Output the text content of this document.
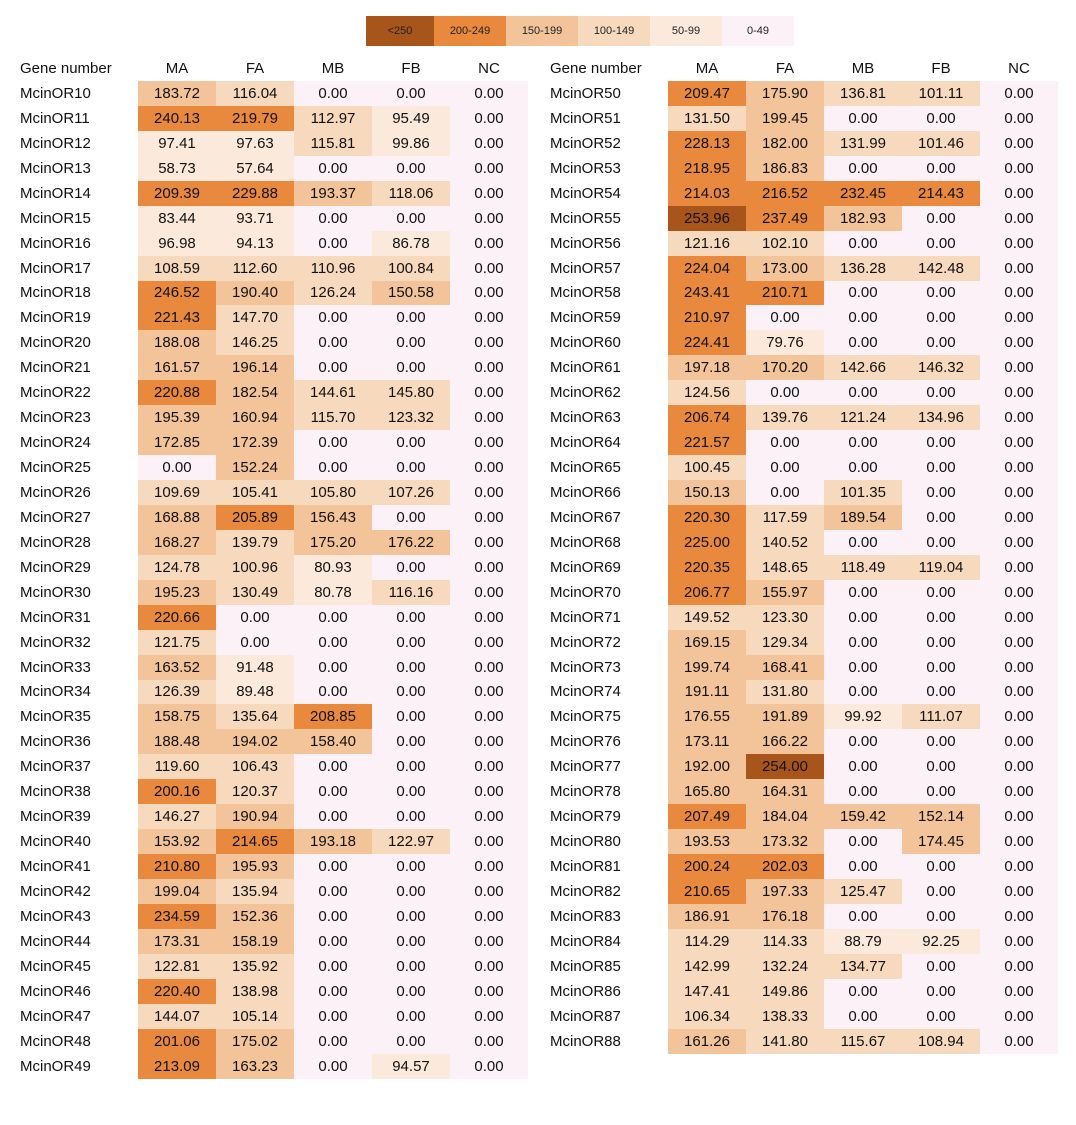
<250	200-249	150-199	100-149	50-99	0-49
Gene number	MA	FA	MB	FB	NC
McinOR10	183.72	116.04	0.00	0.00	0.00
McinOR11	240.13	219.79	112.97	95.49	0.00
McinOR12	97.41	97.63	115.81	99.86	0.00
McinOR13	58.73	57.64	0.00	0.00	0.00
McinOR14	209.39	229.88	193.37	118.06	0.00
McinOR15	83.44	93.71	0.00	0.00	0.00
McinOR16	96.98	94.13	0.00	86.78	0.00
McinOR17	108.59	112.60	110.96	100.84	0.00
McinOR18	246.52	190.40	126.24	150.58	0.00
McinOR19	221.43	147.70	0.00	0.00	0.00
McinOR20	188.08	146.25	0.00	0.00	0.00
McinOR21	161.57	196.14	0.00	0.00	0.00
McinOR22	220.88	182.54	144.61	145.80	0.00
McinOR23	195.39	160.94	115.70	123.32	0.00
McinOR24	172.85	172.39	0.00	0.00	0.00
McinOR25	0.00	152.24	0.00	0.00	0.00
McinOR26	109.69	105.41	105.80	107.26	0.00
McinOR27	168.88	205.89	156.43	0.00	0.00
McinOR28	168.27	139.79	175.20	176.22	0.00
McinOR29	124.78	100.96	80.93	0.00	0.00
McinOR30	195.23	130.49	80.78	116.16	0.00
McinOR31	220.66	0.00	0.00	0.00	0.00
McinOR32	121.75	0.00	0.00	0.00	0.00
McinOR33	163.52	91.48	0.00	0.00	0.00
McinOR34	126.39	89.48	0.00	0.00	0.00
McinOR35	158.75	135.64	208.85	0.00	0.00
McinOR36	188.48	194.02	158.40	0.00	0.00
McinOR37	119.60	106.43	0.00	0.00	0.00
McinOR38	200.16	120.37	0.00	0.00	0.00
McinOR39	146.27	190.94	0.00	0.00	0.00
McinOR40	153.92	214.65	193.18	122.97	0.00
McinOR41	210.80	195.93	0.00	0.00	0.00
McinOR42	199.04	135.94	0.00	0.00	0.00
McinOR43	234.59	152.36	0.00	0.00	0.00
McinOR44	173.31	158.19	0.00	0.00	0.00
McinOR45	122.81	135.92	0.00	0.00	0.00
McinOR46	220.40	138.98	0.00	0.00	0.00
McinOR47	144.07	105.14	0.00	0.00	0.00
McinOR48	201.06	175.02	0.00	0.00	0.00
McinOR49	213.09	163.23	0.00	94.57	0.00
Gene number	MA	FA	MB	FB	NC
McinOR50	209.47	175.90	136.81	101.11	0.00
McinOR51	131.50	199.45	0.00	0.00	0.00
McinOR52	228.13	182.00	131.99	101.46	0.00
McinOR53	218.95	186.83	0.00	0.00	0.00
McinOR54	214.03	216.52	232.45	214.43	0.00
McinOR55	253.96	237.49	182.93	0.00	0.00
McinOR56	121.16	102.10	0.00	0.00	0.00
McinOR57	224.04	173.00	136.28	142.48	0.00
McinOR58	243.41	210.71	0.00	0.00	0.00
McinOR59	210.97	0.00	0.00	0.00	0.00
McinOR60	224.41	79.76	0.00	0.00	0.00
McinOR61	197.18	170.20	142.66	146.32	0.00
McinOR62	124.56	0.00	0.00	0.00	0.00
McinOR63	206.74	139.76	121.24	134.96	0.00
McinOR64	221.57	0.00	0.00	0.00	0.00
McinOR65	100.45	0.00	0.00	0.00	0.00
McinOR66	150.13	0.00	101.35	0.00	0.00
McinOR67	220.30	117.59	189.54	0.00	0.00
McinOR68	225.00	140.52	0.00	0.00	0.00
McinOR69	220.35	148.65	118.49	119.04	0.00
McinOR70	206.77	155.97	0.00	0.00	0.00
McinOR71	149.52	123.30	0.00	0.00	0.00
McinOR72	169.15	129.34	0.00	0.00	0.00
McinOR73	199.74	168.41	0.00	0.00	0.00
McinOR74	191.11	131.80	0.00	0.00	0.00
McinOR75	176.55	191.89	99.92	111.07	0.00
McinOR76	173.11	166.22	0.00	0.00	0.00
McinOR77	192.00	254.00	0.00	0.00	0.00
McinOR78	165.80	164.31	0.00	0.00	0.00
McinOR79	207.49	184.04	159.42	152.14	0.00
McinOR80	193.53	173.32	0.00	174.45	0.00
McinOR81	200.24	202.03	0.00	0.00	0.00
McinOR82	210.65	197.33	125.47	0.00	0.00
McinOR83	186.91	176.18	0.00	0.00	0.00
McinOR84	114.29	114.33	88.79	92.25	0.00
McinOR85	142.99	132.24	134.77	0.00	0.00
McinOR86	147.41	149.86	0.00	0.00	0.00
McinOR87	106.34	138.33	0.00	0.00	0.00
McinOR88	161.26	141.80	115.67	108.94	0.00
